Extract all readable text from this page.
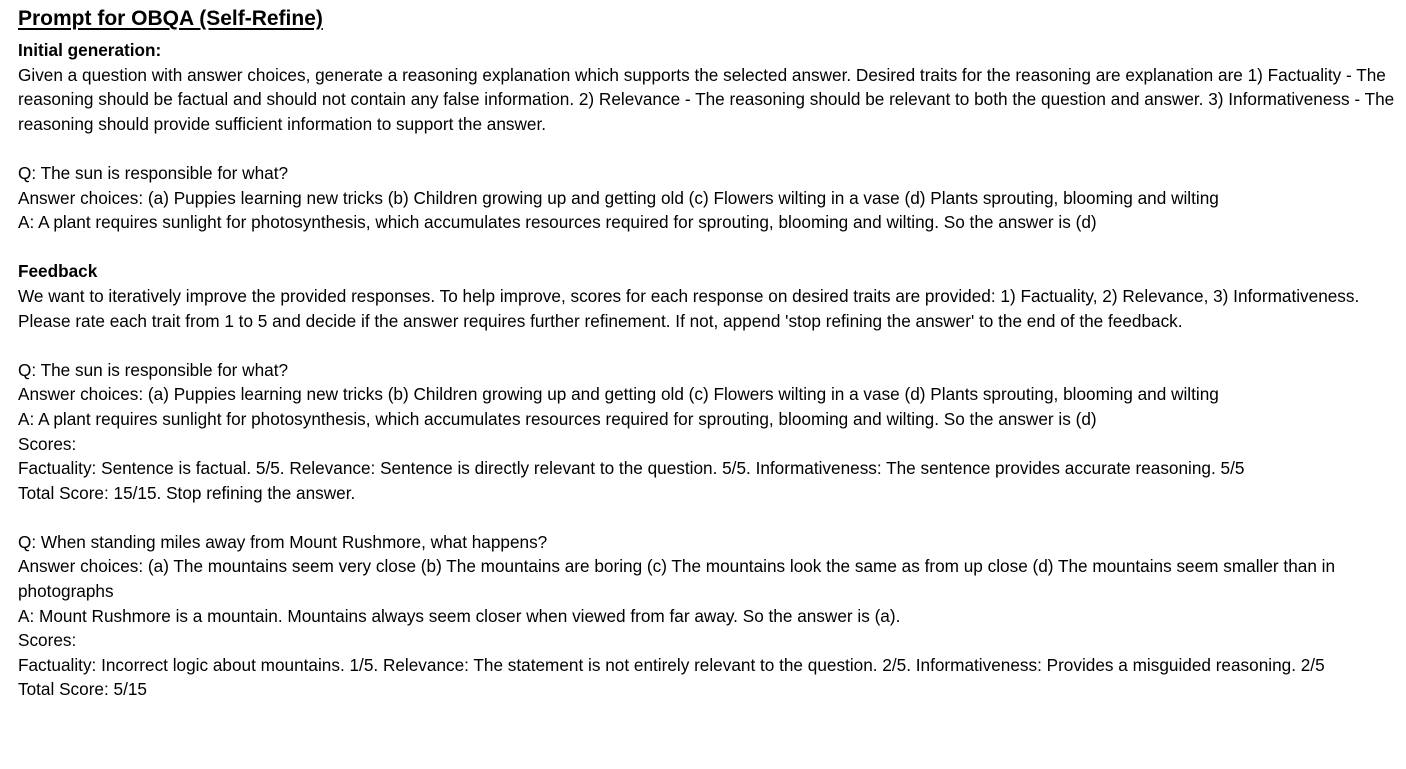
Prompt for OBQA (Self-Refine)
Initial generation:
Given a question with answer choices, generate a reasoning explanation which supports the selected answer. Desired traits for the reasoning are explanation are 1) Factuality - The reasoning should be factual and should not contain any false information. 2) Relevance - The reasoning should be relevant to both the question and answer. 3) Informativeness - The reasoning should provide sufficient information to support the answer.
Q: The sun is responsible for what?
Answer choices: (a) Puppies learning new tricks (b) Children growing up and getting old (c) Flowers wilting in a vase (d) Plants sprouting, blooming and wilting
A: A plant requires sunlight for photosynthesis, which accumulates resources required for sprouting, blooming and wilting. So the answer is (d)
Feedback
We want to iteratively improve the provided responses. To help improve, scores for each response on desired traits are provided: 1) Factuality, 2) Relevance, 3) Informativeness. Please rate each trait from 1 to 5 and decide if the answer requires further refinement. If not, append 'stop refining the answer' to the end of the feedback.
Q: The sun is responsible for what?
Answer choices: (a) Puppies learning new tricks (b) Children growing up and getting old (c) Flowers wilting in a vase (d) Plants sprouting, blooming and wilting
A: A plant requires sunlight for photosynthesis, which accumulates resources required for sprouting, blooming and wilting. So the answer is (d)
Scores:
Factuality: Sentence is factual. 5/5. Relevance: Sentence is directly relevant to the question. 5/5. Informativeness: The sentence provides accurate reasoning. 5/5
Total Score: 15/15. Stop refining the answer.
Q: When standing miles away from Mount Rushmore, what happens?
Answer choices: (a) The mountains seem very close (b) The mountains are boring (c) The mountains look the same as from up close (d) The mountains seem smaller than in photographs
A: Mount Rushmore is a mountain. Mountains always seem closer when viewed from far away. So the answer is (a).
Scores:
Factuality: Incorrect logic about mountains. 1/5. Relevance: The statement is not entirely relevant to the question. 2/5. Informativeness: Provides a misguided reasoning. 2/5
Total Score: 5/15
